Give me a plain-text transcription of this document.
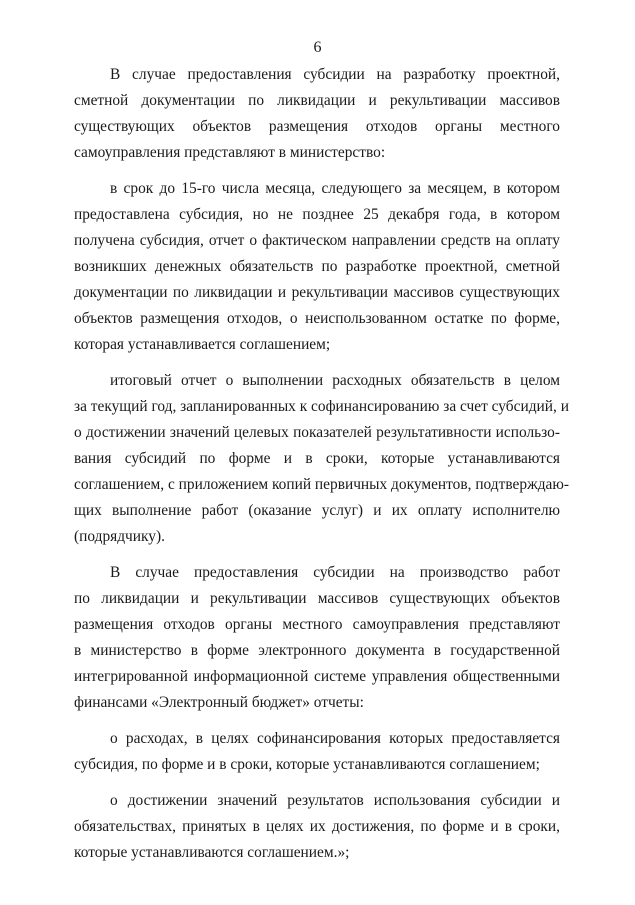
6
В случае предоставления субсидии на разработку проектной,
сметной документации по ликвидации и рекультивации массивов
существующих объектов размещения отходов органы местного
самоуправления представляют в министерство:
в срок до 15-го числа месяца, следующего за месяцем, в котором
предоставлена субсидия, но не позднее 25 декабря года, в котором
получена субсидия, отчет о фактическом направлении средств на оплату
возникших денежных обязательств по разработке проектной, сметной
документации по ликвидации и рекультивации массивов существующих
объектов размещения отходов, о неиспользованном остатке по форме,
которая устанавливается соглашением;
итоговый отчет о выполнении расходных обязательств в целом
за текущий год, запланированных к софинансированию за счет субсидий, и
о достижении значений целевых показателей результативности использо-
вания субсидий по форме и в сроки, которые устанавливаются
соглашением, с приложением копий первичных документов, подтверждаю-
щих выполнение работ (оказание услуг) и их оплату исполнителю
(подрядчику).
В случае предоставления субсидии на производство работ
по ликвидации и рекультивации массивов существующих объектов
размещения отходов органы местного самоуправления представляют
в министерство в форме электронного документа в государственной
интегрированной информационной системе управления общественными
финансами «Электронный бюджет» отчеты:
о расходах, в целях софинансирования которых предоставляется
субсидия, по форме и в сроки, которые устанавливаются соглашением;
о достижении значений результатов использования субсидии и
обязательствах, принятых в целях их достижения, по форме и в сроки,
которые устанавливаются соглашением.»;
